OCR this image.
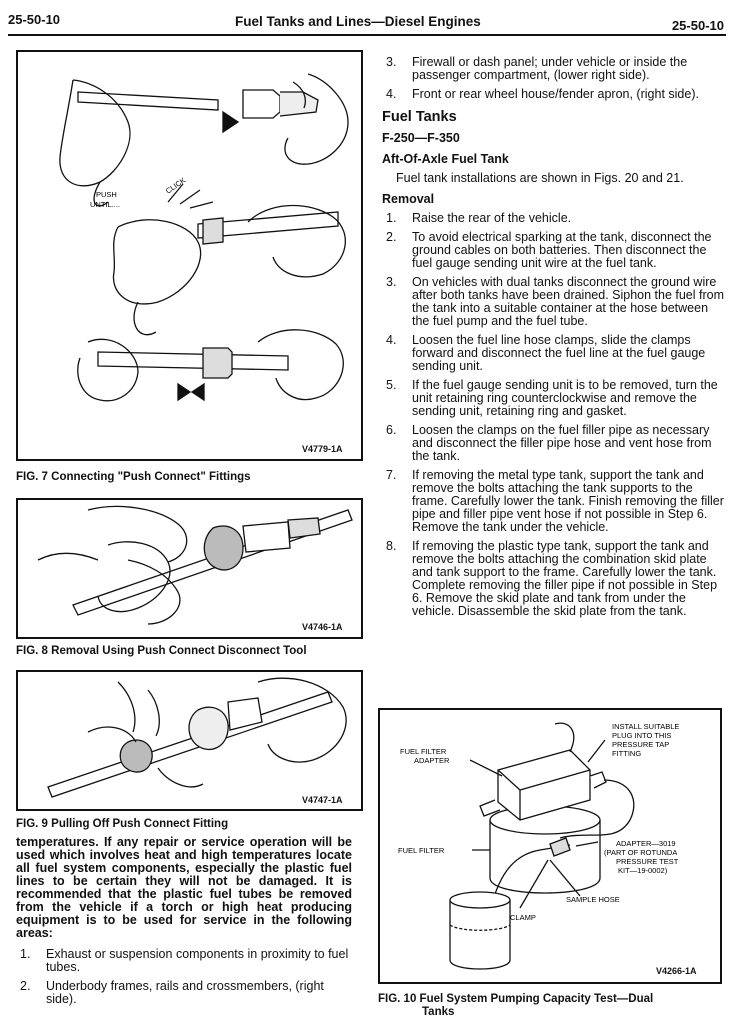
25-50-10	Fuel Tanks and Lines—Diesel Engines	25-50-10
PUSH
UNTIL....
CLICK
V4779-1A
FIG. 7 Connecting "Push Connect" Fittings
V4746-1A
FIG. 8 Removal Using Push Connect Disconnect Tool
V4747-1A
FIG. 9 Pulling Off Push Connect Fitting

temperatures. If any repair or service operation will be used which involves heat and high temperatures locate all fuel system components, especially the plastic fuel lines to be certain they will not be damaged. It is recommended that the plastic fuel tubes be removed from the vehicle if a torch or high heat producing equipment is to be used for service in the following areas:

1. Exhaust or suspension components in proximity to fuel tubes.
2. Underbody frames, rails and crossmembers, (right side).
3. Firewall or dash panel; under vehicle or inside the passenger compartment, (lower right side).
4. Front or rear wheel house/fender apron, (right side).
Fuel Tanks
F-250—F-350
Aft-Of-Axle Fuel Tank

Fuel tank installations are shown in Figs. 20 and 21.

Removal
1. Raise the rear of the vehicle.
2. To avoid electrical sparking at the tank, disconnect the ground cables on both batteries. Then disconnect the fuel gauge sending unit wire at the fuel tank.
3. On vehicles with dual tanks disconnect the ground wire after both tanks have been drained. Siphon the fuel from the tank into a suitable container at the hose between the fuel pump and the fuel tube.
4. Loosen the fuel line hose clamps, slide the clamps forward and disconnect the fuel line at the fuel gauge sending unit.
5. If the fuel gauge sending unit is to be removed, turn the unit retaining ring counterclockwise and remove the sending unit, retaining ring and gasket.
6. Loosen the clamps on the fuel filler pipe as necessary and disconnect the filler pipe hose and vent hose from the tank.
7. If removing the metal type tank, support the tank and remove the bolts attaching the tank supports to the frame. Carefully lower the tank. Finish removing the filler pipe and filler pipe vent hose if not possible in Step 6. Remove the tank under the vehicle.
8. If removing the plastic type tank, support the tank and remove the bolts attaching the combination skid plate and tank support to the frame. Carefully lower the tank. Complete removing the filler pipe if not possible in Step 6. Remove the skid plate and tank from under the vehicle. Disassemble the skid plate from the tank.
INSTALL SUITABLE
PLUG INTO THIS
PRESSURE TAP
FITTING
FUEL FILTER
ADAPTER
FUEL FILTER
ADAPTER—3019
(PART OF ROTUNDA
PRESSURE TEST
KIT—19-0002)
SAMPLE HOSE
CLAMP
V4266-1A
FIG. 10 Fuel System Pumping Capacity Test—Dual
Tanks
